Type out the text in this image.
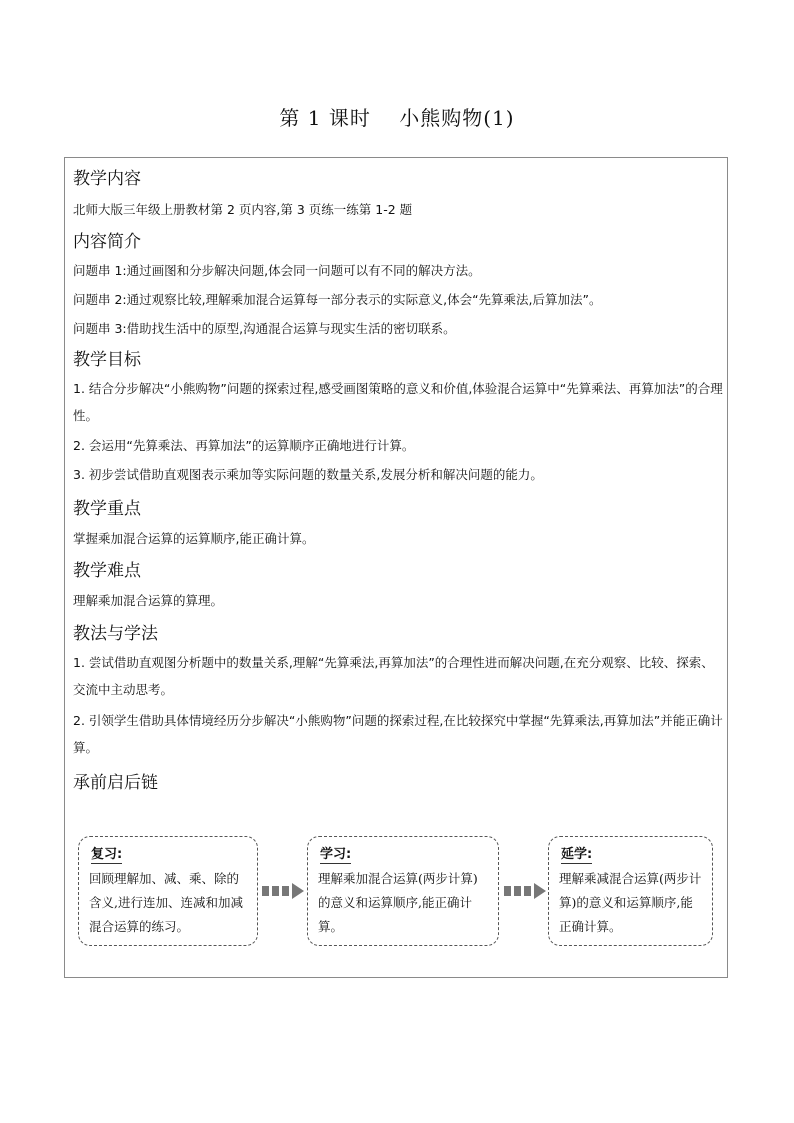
第 1 课时　 小熊购物(1)
教学内容

北师大版三年级上册教材第 2 页内容,第 3 页练一练第 1-2 题

内容简介

问题串 1:通过画图和分步解决问题,体会同一问题可以有不同的解决方法。

问题串 2:通过观察比较,理解乘加混合运算每一部分表示的实际意义,体会“先算乘法,后算加法”。

问题串 3:借助找生活中的原型,沟通混合运算与现实生活的密切联系。

教学目标

1. 结合分步解决“小熊购物”问题的探索过程,感受画图策略的意义和价值,体验混合运算中“先算乘法、再算加法”的合理性。

2. 会运用“先算乘法、再算加法”的运算顺序正确地进行计算。

3. 初步尝试借助直观图表示乘加等实际问题的数量关系,发展分析和解决问题的能力。

教学重点

掌握乘加混合运算的运算顺序,能正确计算。

教学难点

理解乘加混合运算的算理。

教法与学法

1. 尝试借助直观图分析题中的数量关系,理解“先算乘法,再算加法”的合理性进而解决问题,在充分观察、比较、探索、交流中主动思考。

2. 引领学生借助具体情境经历分步解决“小熊购物”问题的探索过程,在比较探究中掌握“先算乘法,再算加法”并能正确计算。

承前启后链
复习:
回顾理解加、减、乘、除的含义,进行连加、连减和加减混合运算的练习。
学习:
理解乘加混合运算(两步计算)的意义和运算顺序,能正确计算。
延学:
理解乘减混合运算(两步计算)的意义和运算顺序,能正确计算。
